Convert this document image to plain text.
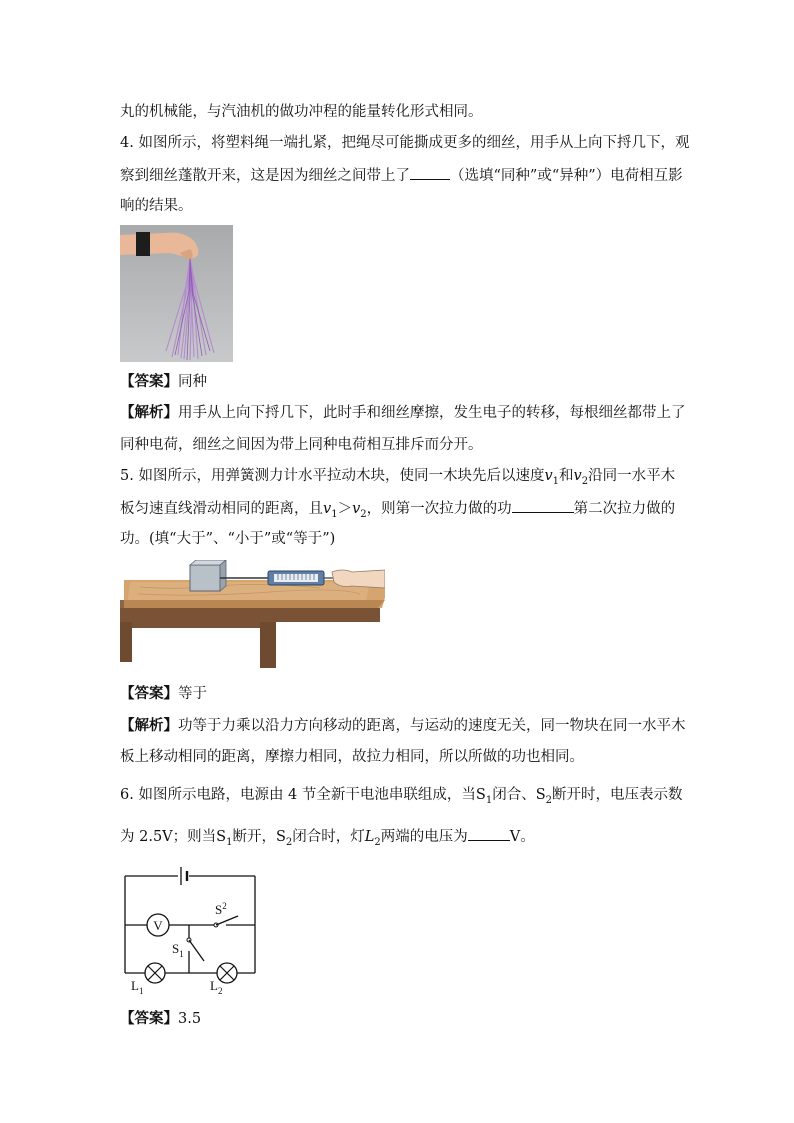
丸的机械能，与汽油机的做功冲程的能量转化形式相同。
4. 如图所示，将塑料绳一端扎紧，把绳尽可能撕成更多的细丝，用手从上向下捋几下，观
察到细丝蓬散开来，这是因为细丝之间带上了	（选填“同种”或“异种”）电荷相互影
响的结果。
【答案】同种
【解析】用手从上向下捋几下，此时手和细丝摩擦，发生电子的转移，每根细丝都带上了
同种电荷，细丝之间因为带上同种电荷相互排斥而分开。
5. 如图所示，用弹簧测力计水平拉动木块，使同一木块先后以速度$v_1$和$v_2$沿同一水平木
板匀速直线滑动相同的距离，且$v_1>v_2$，则第一次拉力做的功	第二次拉力做的
功。(填“大于”、“小于”或“等于”)
【答案】等于
【解析】功等于力乘以沿力方向移动的距离，与运动的速度无关，同一物块在同一水平木
板上移动相同的距离，摩擦力相同，故拉力相同，所以所做的功也相同。
6. 如图所示电路，电源由 4 节全新干电池串联组成，当$S_1$闭合、$S_2$断开时，电压表示数
为 2.5V；则当$S_1$断开，$S_2$闭合时，灯$L_2$两端的电压为	V。
V
$S^2$
$S_1$
$L_1$	$L_2$
【答案】3.5
